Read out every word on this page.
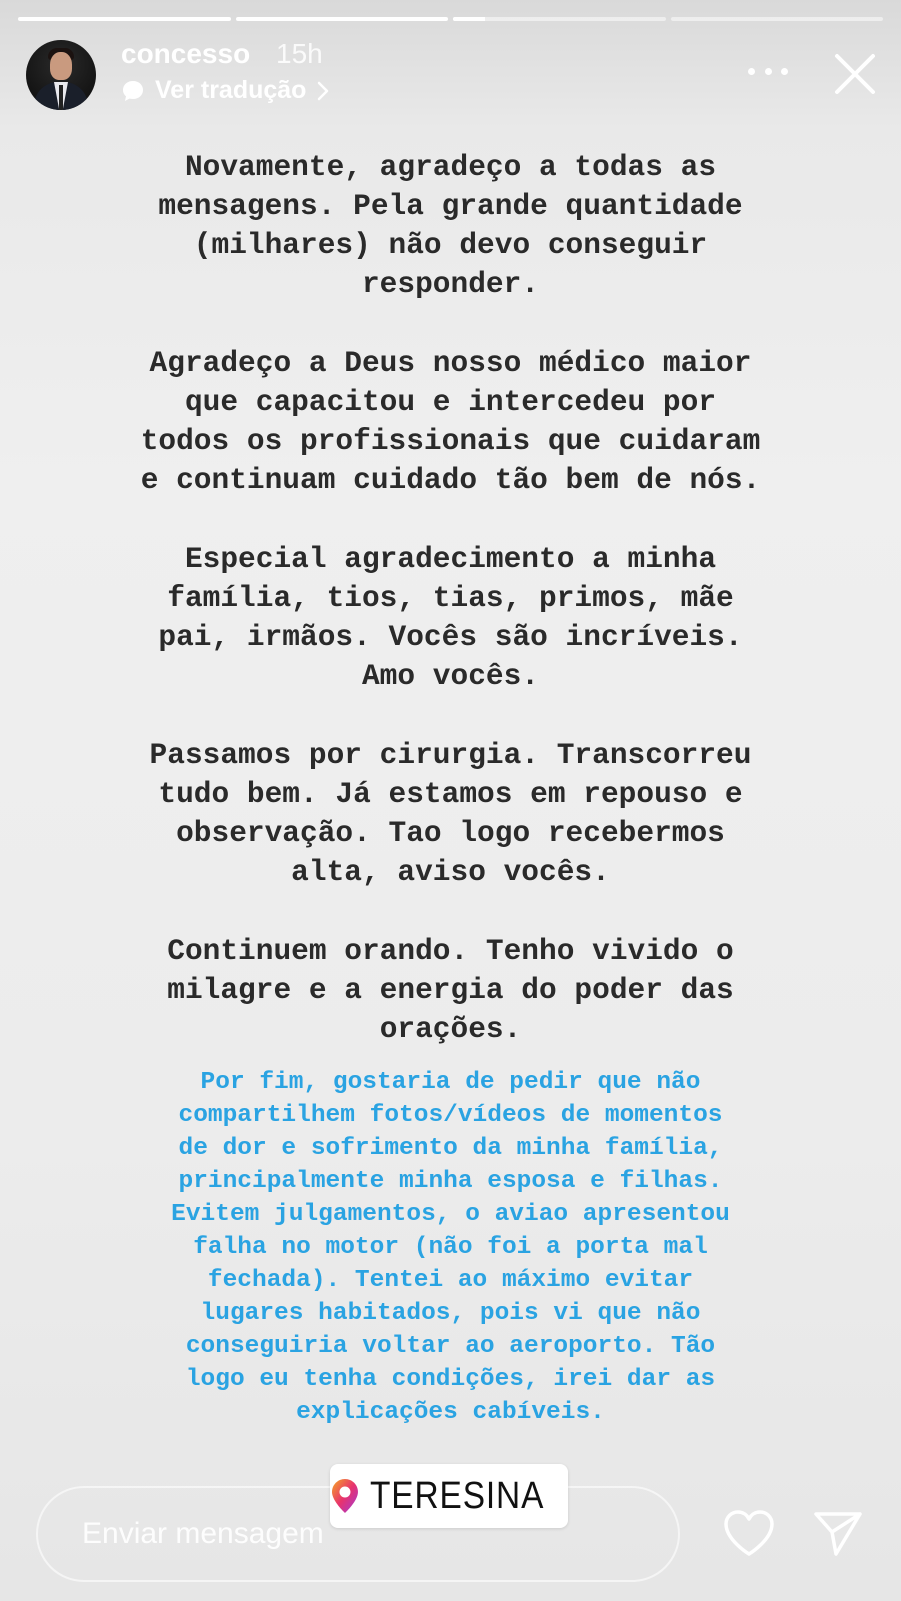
concesso 15h
Ver tradução

Novamente, agradeço a todas as

mensagens. Pela grande quantidade

(milhares) não devo conseguir

responder.

Agradeço a Deus nosso médico maior

que capacitou e intercedeu por

todos os profissionais que cuidaram

e continuam cuidado tão bem de nós.

Especial agradecimento a minha

família, tios, tias, primos, mãe

pai, irmãos. Vocês são incríveis.

Amo vocês.

Passamos por cirurgia. Transcorreu

tudo bem. Já estamos em repouso e

observação. Tao logo recebermos

alta, aviso vocês.

Continuem orando. Tenho vivido o

milagre e a energia do poder das

orações.

Por fim, gostaria de pedir que não
compartilhem fotos/vídeos de momentos
de dor e sofrimento da minha família,
principalmente minha esposa e filhas.
Evitem julgamentos, o aviao apresentou
falha no motor (não foi a porta mal
fechada). Tentei ao máximo evitar
lugares habitados, pois vi que não
conseguiria voltar ao aeroporto. Tão
logo eu tenha condições, irei dar as
explicações cabíveis.
Enviar mensagem
TERESINA
